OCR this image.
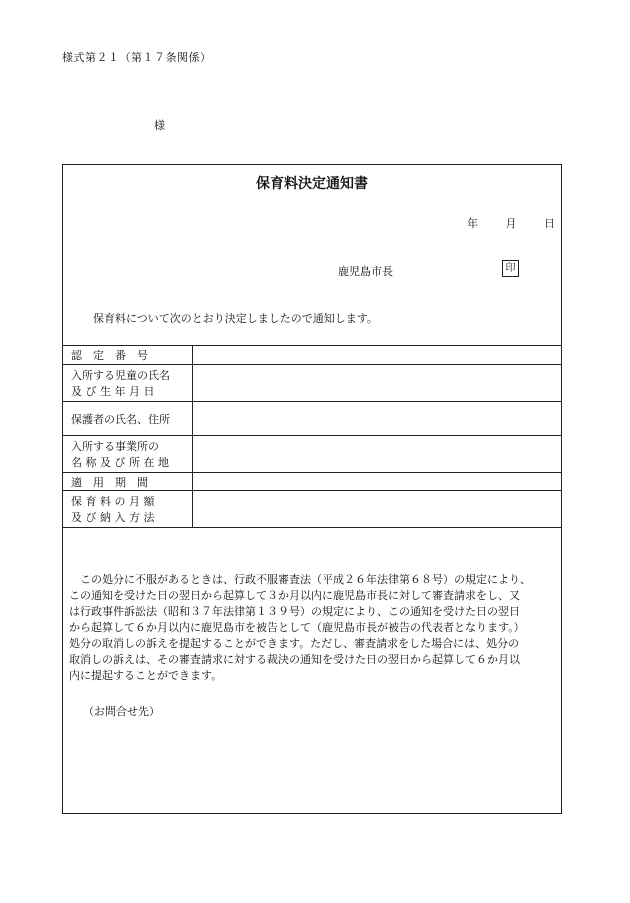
様式第２１（第１７条関係）
様
保育料決定通知書
年	月	日
鹿児島市長	印
保育料について次のとおり決定しましたので通知します。
認　定　番　号	

入所する児童の氏名
及 び 生 年 月 日	

保護者の氏名、住所	

入所する事業所の
名 称 及 び 所 在 地	

適　用　期　間	

保 育 料 の 月 額
及 び 納 入 方 法	

　この処分に不服があるときは、行政不服審査法（平成２６年法律第６８号）の規定により、

この通知を受けた日の翌日から起算して３か月以内に鹿児島市長に対して審査請求をし、又

は行政事件訴訟法（昭和３７年法律第１３９号）の規定により、この通知を受けた日の翌日

から起算して６か月以内に鹿児島市を被告として（鹿児島市長が被告の代表者となります。）

処分の取消しの訴えを提起することができます。ただし、審査請求をした場合には、処分の

取消しの訴えは、その審査請求に対する裁決の通知を受けた日の翌日から起算して６か月以

内に提起することができます。

（お問合せ先）
